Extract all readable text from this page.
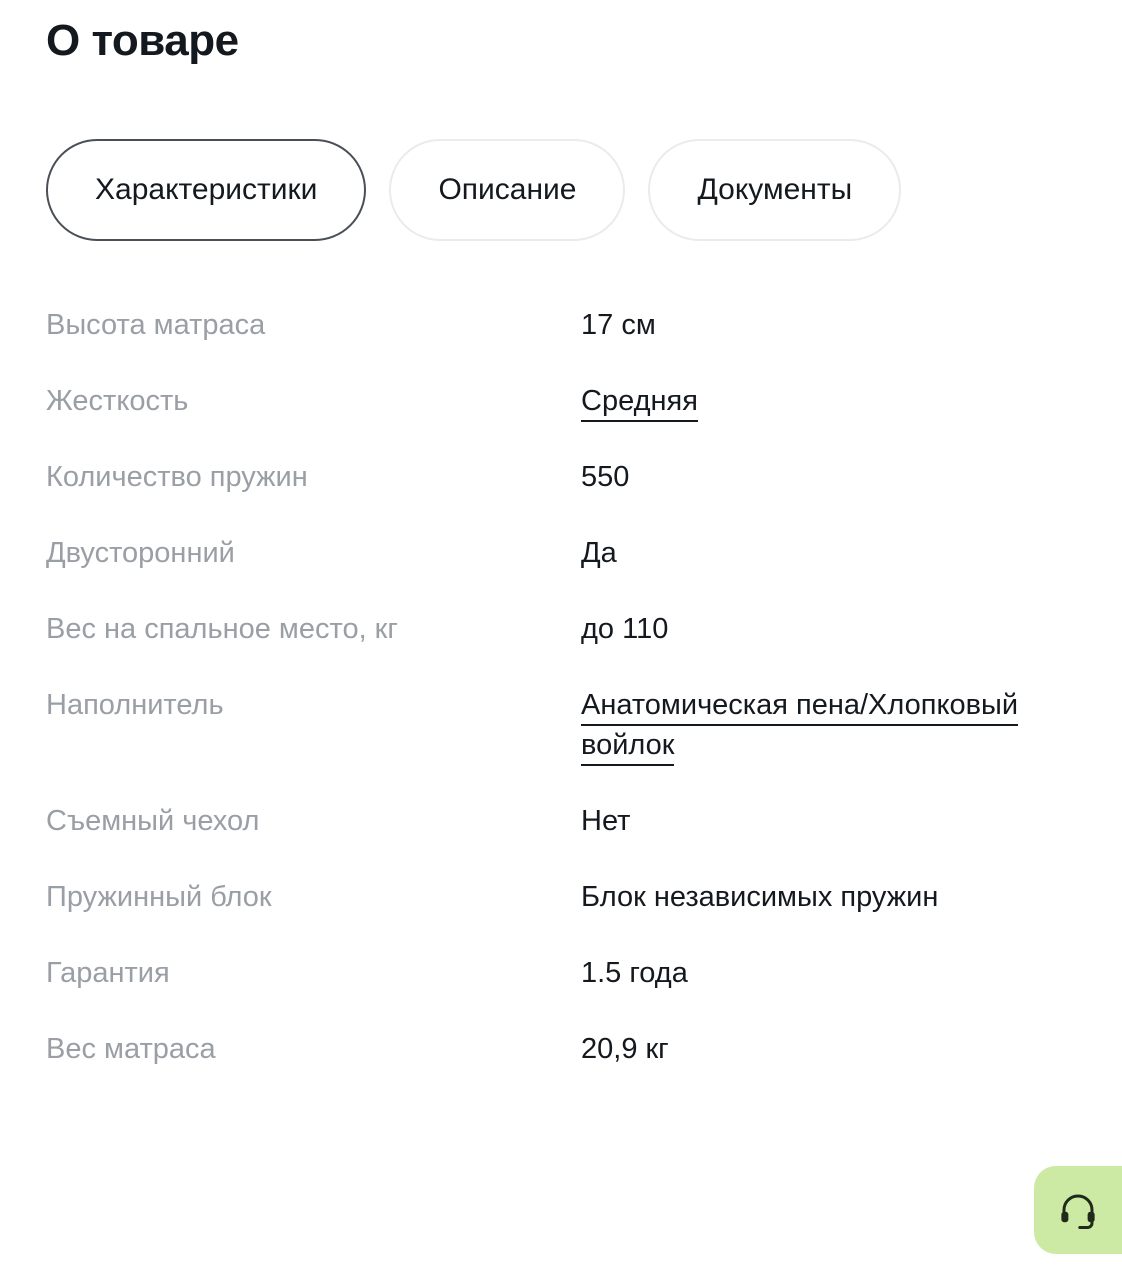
О товаре
Характеристики	Описание	Документы
Высота матраса	17 см
Жесткость	Средняя
Количество пружин	550
Двусторонний	Да
Вес на спальное место, кг	до 110
Наполнитель	Анатомическая пена/Хлопковый войлок
Съемный чехол	Нет
Пружинный блок	Блок независимых пружин
Гарантия	1.5 года
Вес матраса	20,9 кг
